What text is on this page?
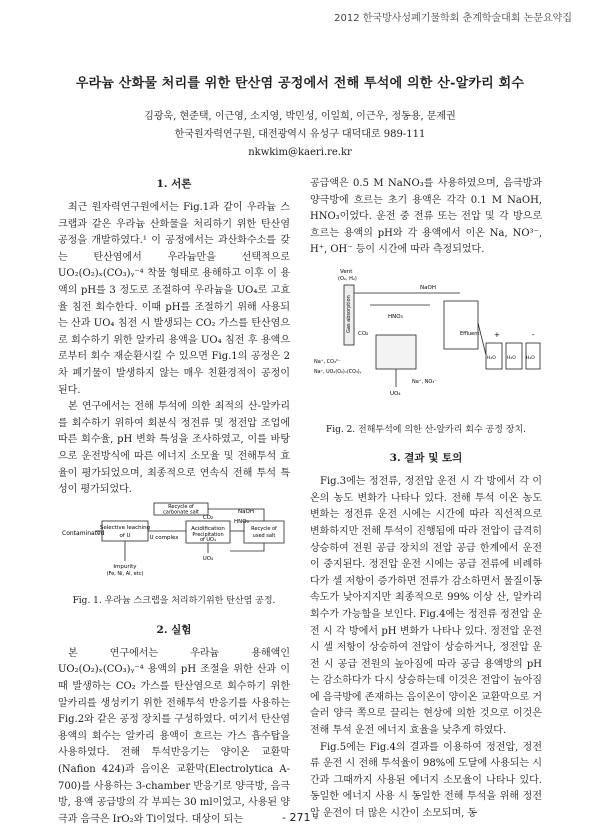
2012 한국방사성폐기물학회 춘계학술대회 논문요약집
우라늄 산화물 처리를 위한 탄산염 공정에서 전해 투석에 의한 산-알카리 회수
김광욱, 현준택, 이근영, 소지영, 박민성, 이일희, 이근우, 정동용, 문제권
한국원자력연구원, 대전광역시 유성구 대덕대로 989-111
nkwkim@kaeri.re.kr
1. 서론

최근 원자력연구원에서는 Fig.1과 같이 우라늄 스크랩과 같은 우라늄 산화물을 처리하기 위한 탄산염 공정을 개발하였다.¹ 이 공정에서는 과산화수소를 갖는 탄산염에서 우라늄만을 선택적으로 UO₂(O₂)ₓ(CO₃)ᵧ⁻⁴ 착물 형태로 용해하고 이후 이 용액의 pH를 3 정도로 조절하여 우라늄을 UO₄로 고효율 침전 회수한다. 이때 pH를 조절하기 위해 사용되는 산과 UO₄ 침전 시 발생되는 CO₂ 가스를 탄산염으로 회수하기 위한 알카리 용액을 UO₄ 침전 후 용액으로부터 회수 재순환시킬 수 있으면 Fig.1의 공정은 2차 폐기물이 발생하지 않는 매우 친환경적이 공정이 된다.

본 연구에서는 전해 투석에 의한 최적의 산-알카리를 회수하기 위하여 회분식 정전류 및 정전압 조업에 따른 회수율, pH 변화 특성을 조사하였고, 이를 바탕으로 운전방식에 따른 에너지 소모율 및 전해투석 효율이 평가되었으며, 최종적으로 연속식 전해 투석 특성이 평가되었다.

Selective leaching
of U
Contaminated
Impurity
(Fe, Ni, Al, etc)
U complex
Acidification
Precipitation
of UO₄
Recycle of
carbonate salt
CO₂
UO₄
Recycle of
used salt
NaOH
HNO₃
Fig. 1. 우라늄 스크랩을 처리하기위한 탄산염 공정.
2. 실험

본 연구에서는 우라늄 용해액인 UO₂(O₂)ₓ(CO₃)ᵧ⁻⁴ 용액의 pH 조절을 위한 산과 이때 발생하는 CO₂ 가스를 탄산염으로 회수하기 위한 알카리를 생성키기 위한 전해투석 반응기를 사용하는 Fig.2와 같은 공정 장치를 구성하였다. 여기서 탄산염 용액의 회수는 알카리 용액이 흐르는 가스 흡수탑을 사용하였다. 전해 투석반응기는 양이온 교환막(Nafion 424)과 음이온 교환막(Electrolytica A-700)를 사용하는 3-chamber 반응기로 양극방, 음극방, 용액 공급방의 각 부피는 30 ml이었고, 사용된 양극과 음극은 IrO₂와 Ti이었다. 대상이 되는

공급액은 0.5 M NaNO₃를 사용하였으며, 음극방과 양극방에 흐르는 초기 용액은 각각 0.1 M NaOH, HNO₃이었다. 운전 중 전류 또는 전압 및 각 방으로 흐르는 용액의 pH와 각 용액에서 이온 Na, NO³⁻, H⁺, OH⁻ 등이 시간에 따라 측정되었다.

Vent
(O₂, H₂)
Gas absorption
NaOH
HNO₃
CO₂
Na⁺, CO₃²⁻
Na⁺, UO₂(O₂)ₓ(CO₃)ᵧ
UO₄
Na⁺, NO₃⁻
Effluent +	-
H₂O	H₂O H₂O
Fig. 2. 전해투석에 의한 산-알카리 회수 공정 장치.
3. 결과 및 토의

Fig.3에는 정전류, 정전압 운전 시 각 방에서 각 이온의 농도 변화가 나타나 있다. 전해 투석 이온 농도 변화는 정전류 운전 시에는 시간에 따라 직선적으로 변화하지만 전해 투석이 진행됨에 따라 전압이 급격히 상승하여 전원 공급 장치의 전압 공급 한계에서 운전이 중지된다. 정전압 운전 시에는 공급 전류에 비례하다가 셀 저항이 증가하면 전류가 감소하면서 물질이동 속도가 낮아지지만 최종적으로 99% 이상 산, 알카리 회수가 가능함을 보인다. Fig.4에는 정전류 정전압 운전 시 각 방에서 pH 변화가 나타나 있다. 정전압 운전 시 셀 저항이 상승하여 전압이 상승하거나, 정전압 운전 시 공급 전원의 높아짐에 따라 공급 용액방의 pH는 감소하다가 다시 상승하는데 이것은 전압이 높아짐에 음극방에 존재하는 음이온이 양이온 교환막으로 거슬러 양극 쪽으로 끌리는 현상에 의한 것으로 이것은 전해 투석 운전 에너지 효율을 낮추게 하였다.

Fig.5에는 Fig.4의 결과를 이용하여 정전압, 정전류 운전 시 전해 투석율이 98%에 도달에 사용되는 시간과 그때까지 사용된 에너지 소모율이 나타나 있다. 동일한 에너지 사용 시 동일한 전해 투석을 위해 정전압 운전이 더 많은 시간이 소모되며, 동

- 271 -
